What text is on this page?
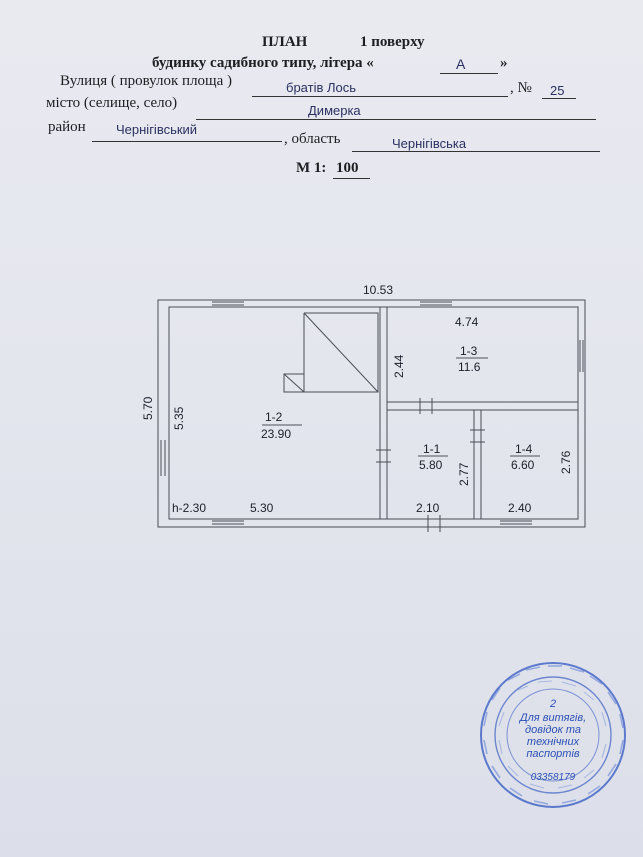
ПЛАН	1 поверху
будинку садибного типу, літера «	А »
Вулиця ( провулок площа )	братів Лось	, № 25
місто (селище, село)	Димерка
район Чернігівський
, область	Чернігівська
М 1: 100
10.53
5.70 5.35	1-2
23.90
h-2.30	5.30
4.74
2.44
1-3
11.6
1-1
5.80 2.77
2.10
1-4
6.60 2.76
2.40
2
Для витягів,
довідок та
технічних
паспортів
03358179
